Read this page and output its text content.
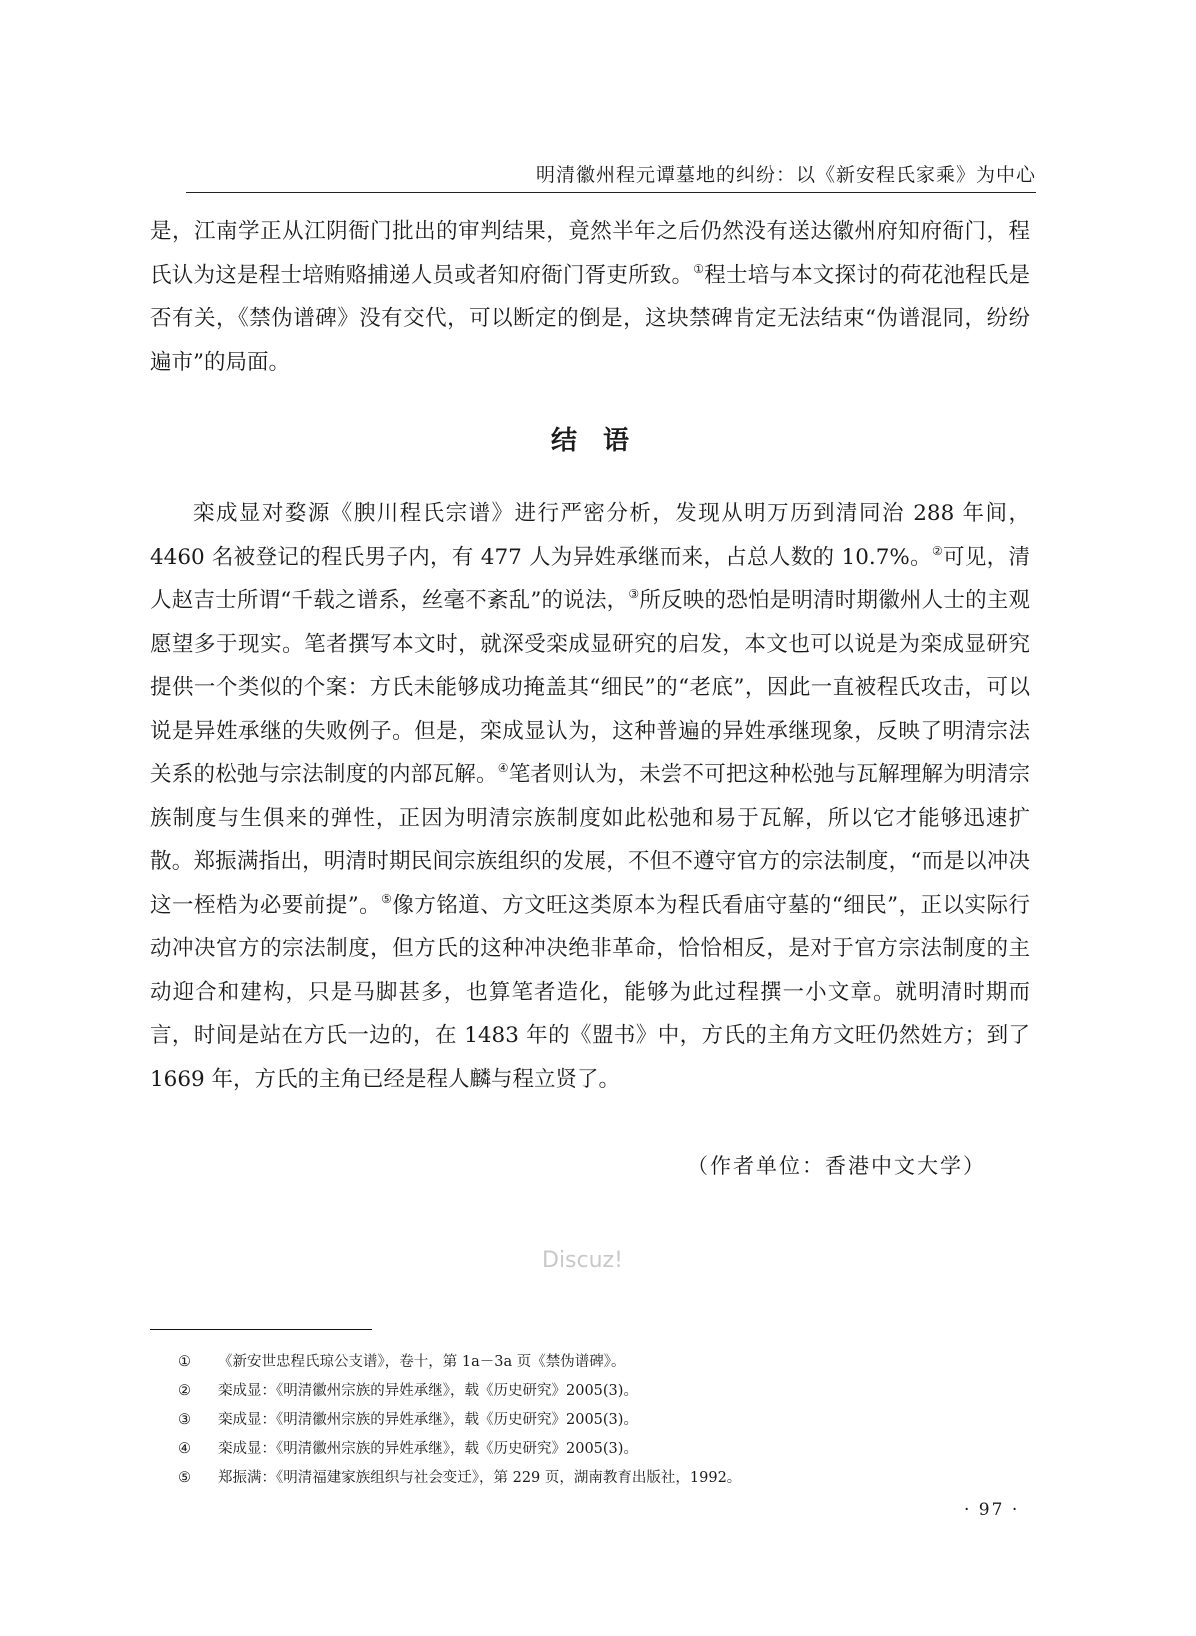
明清徽州程元谭墓地的纠纷：以《新安程氏家乘》为中心

是，江南学正从江阴衙门批出的审判结果，竟然半年之后仍然没有送达徽州府知府衙门，程氏认为这是程士培贿赂捕递人员或者知府衙门胥吏所致。①程士培与本文探讨的荷花池程氏是否有关，《禁伪谱碑》没有交代，可以断定的倒是，这块禁碑肯定无法结束“伪谱混同，纷纷遍市”的局面。

结语

栾成显对婺源《腴川程氏宗谱》进行严密分析，发现从明万历到清同治 288 年间，4460 名被登记的程氏男子内，有 477 人为异姓承继而来，占总人数的 10.7%。②可见，清人赵吉士所谓“千载之谱系，丝毫不紊乱”的说法，③所反映的恐怕是明清时期徽州人士的主观愿望多于现实。笔者撰写本文时，就深受栾成显研究的启发，本文也可以说是为栾成显研究提供一个类似的个案：方氏未能够成功掩盖其“细民”的“老底”，因此一直被程氏攻击，可以说是异姓承继的失败例子。但是，栾成显认为，这种普遍的异姓承继现象，反映了明清宗法关系的松弛与宗法制度的内部瓦解。④笔者则认为，未尝不可把这种松弛与瓦解理解为明清宗族制度与生俱来的弹性，正因为明清宗族制度如此松弛和易于瓦解，所以它才能够迅速扩散。郑振满指出，明清时期民间宗族组织的发展，不但不遵守官方的宗法制度，“而是以冲决这一桎梏为必要前提”。⑤像方铭道、方文旺这类原本为程氏看庙守墓的“细民”，正以实际行动冲决官方的宗法制度，但方氏的这种冲决绝非革命，恰恰相反，是对于官方宗法制度的主动迎合和建构，只是马脚甚多，也算笔者造化，能够为此过程撰一小文章。就明清时期而言，时间是站在方氏一边的，在 1483 年的《盟书》中，方氏的主角方文旺仍然姓方；到了 1669 年，方氏的主角已经是程人麟与程立贤了。

（作者单位：香港中文大学）
Discuz!
①	《新安世忠程氏琼公支谱》，卷十，第 1a－3a 页《禁伪谱碑》。
②	栾成显：《明清徽州宗族的异姓承继》，载《历史研究》2005(3)。
③	栾成显：《明清徽州宗族的异姓承继》，载《历史研究》2005(3)。
④	栾成显：《明清徽州宗族的异姓承继》，载《历史研究》2005(3)。
⑤	郑振满：《明清福建家族组织与社会变迁》，第 229 页，湖南教育出版社，1992。
· 97 ·
